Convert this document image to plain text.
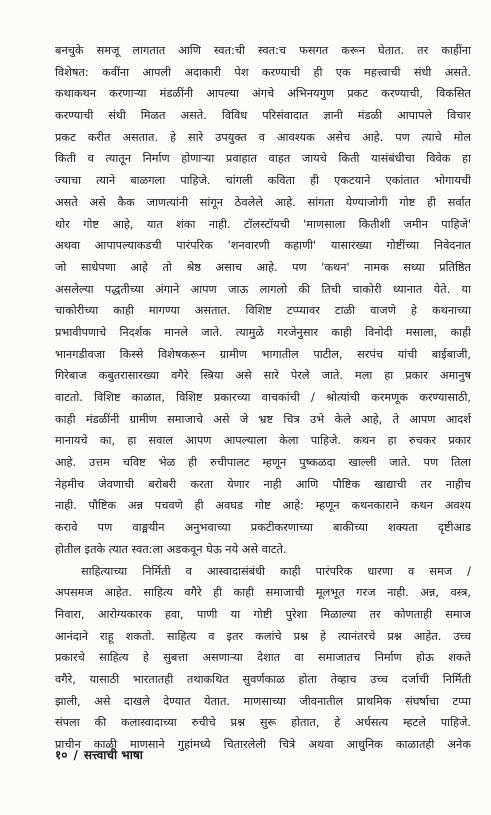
बनचुके समजू लागतात आणि स्वत:ची स्वत:च फसगत करून घेतात. तर काहींना
विशेषत: कवींना आपली अदाकारी पेश करण्याची ही एक महत्त्वाची संधी असते.
कथाकथन करणाऱ्या मंडळींनी आपल्या अंगचे अभिनयगुण प्रकट करण्याची, विकसित
करण्याची संधी मिळत असते. विविध परिसंवादात ज्ञानी मंडळी आपापले विचार
प्रकट करीत असतात. हे सारे उपयुक्त व आवश्यक असेच आहे. पण त्याचे मोल
किती व त्यातून निर्माण होणाऱ्या प्रवाहात वाहत जायचे किती यासंबंधीचा विवेक हा
ज्याचा त्याने बाळगला पाहिजे. चांगली कविता ही एकटयाने एकांतात भोगायची
असते असे कैक जाणत्यांनी सांगून ठेवलेले आहे. सांगता येण्याजोगी गोष्ट ही सर्वात
थोर गोष्ट आहे, यात शंका नाही. टॉलस्टॉयची 'माणसाला कितीशी जमीन पाहिजे'
अथवा आपापल्याकडची पारंपरिक 'शनवारणी कहाणी' यासारख्या गोष्टींच्या निवेदनात
जो साधेपणा आहे तो श्रेष्ठ असाच आहे. पण 'कथन' नामक सध्या प्रतिष्ठित
असलेल्या पद्धतीच्या अंगाने आपण जाऊ लागलो की तिची चाकोरी ध्यानात येते. या
चाकोरीच्या काही मागण्या असतात. विशिष्ट टप्प्यावर टाळी वाजणे हे कथनाच्या
प्रभावीपणाचे निदर्शक मानले जाते. त्यामुळे गरजेनुसार काही विनोदी मसाला, काही
भानगडीवजा किस्से विशेषकरून ग्रामीण भागातील पाटील, सरपंच यांची बाईबाजी,
गिरेबाज कबुतरासारख्या वगैरे स्त्रिया असे सारे पेरले जाते. मला हा प्रकार अमानुष
वाटतो. विशिष्ट काळात, विशिष्ट प्रकारच्या वाचकांची / श्रोत्यांची करमणूक करण्यासाठी,
काही मंडळींनी ग्रामीण समाजाचे असे जे भ्रष्ट चित्र उभे केले आहे, ते आपण आदर्श
मानायचे का, हा सवाल आपण आपल्याला केला पाहिजे. कथन हा रुचकर प्रकार
आहे. उत्तम चविष्ट भेळ ही रुचीपालट म्हणून पुष्कळदा खाल्ली जाते. पण तिला
नेहमीच जेवणाची बरोबरी करता येणार नाही आणि पौष्टिक खाद्याची तर नाहीच
नाही. पौष्टिक अन्न पचवणे ही अवघड गोष्ट आहे: म्हणून कथनकाराने कथन अवश्य
करावे पण वाङ्मयीन अनुभवाच्या प्रकटीकरणाच्या बाकीच्या शक्यता दृष्टीआड
होतील इतके त्यात स्वत:ला अडकवून घेऊ नये असे वाटते.
साहित्याच्या निर्मिती व आस्वादासंबंधी काही पारंपरिक धारणा व समज /
अपसमज आहेत. साहित्य वगैरे ही काही समाजाची मूलभूत गरज नाही. अन्न, वस्त्र,
निवारा, आरोग्यकारक हवा, पाणी या गोष्टी पुरेशा मिळाल्या तर कोणताही समाज
आनंदाने राहू शकतो. साहित्य व इतर कलांचे प्रश्न हे त्यानंतरचे प्रश्न आहेत. उच्च
प्रकारचे साहित्य हे सुबत्ता असणाऱ्या देशात वा समाजातच निर्माण होऊ शकते
वगैरे, यासाठी भारतातही तथाकथित सुवर्णकाळ होता तेव्हाच उच्च दर्जाची निर्मिती
झाली, असे दाखले देण्यात येतात. माणसाच्या जीवनातील प्राथमिक संघर्षाचा टप्पा
संपला की कलास्वादाच्या रुचीचे प्रश्न सुरू होतात, हे अर्धसत्य म्हटले पाहिजे.
प्राचीन काळी माणसाने गुहांमध्ये चितारलेली चित्रे अथवा आधुनिक काळातही अनेक
१० / सत्त्वाची भाषा
